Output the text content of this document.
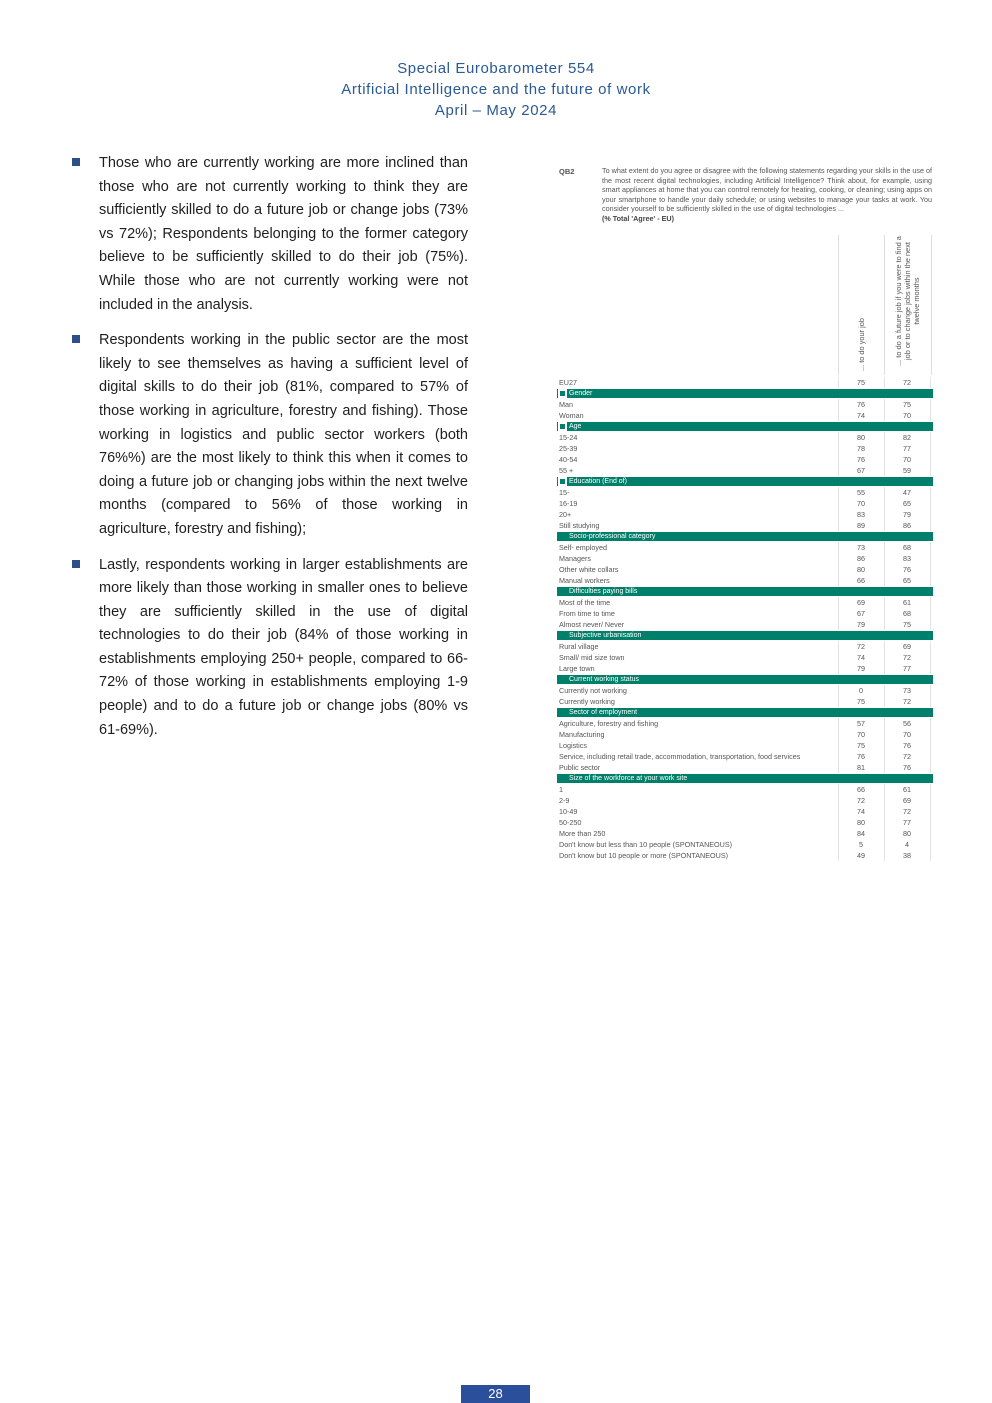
Special Eurobarometer 554
Artificial Intelligence and the future of work
April – May 2024
Those who are currently working are more inclined than those who are not currently working to think they are sufficiently skilled to do a future job or change jobs (73% vs 72%); Respondents belonging to the former category believe to be sufficiently skilled to do their job (75%). While those who are not currently working were not included in the analysis.
Respondents working in the public sector are the most likely to see themselves as having a sufficient level of digital skills to do their job (81%, compared to 57% of those working in agriculture, forestry and fishing). Those working in logistics and public sector workers (both 76%%) are the most likely to think this when it comes to doing a future job or changing jobs within the next twelve months (compared to 56% of those working in agriculture, forestry and fishing);
Lastly, respondents working in larger establishments are more likely than those working in smaller ones to believe they are sufficiently skilled in the use of digital technologies to do their job (84% of those working in establishments employing 250+ people, compared to 66-72% of those working in establishments employing 1-9 people) and to do a future job or change jobs (80% vs 61-69%).
QB2	To what extent do you agree or disagree with the following statements regarding your skills in the use of the most recent digital technologies, including Artificial Intelligence? Think about, for example, using smart appliances at home that you can control remotely for heating, cooking, or cleaning; using apps on your smartphone to handle your daily schedule; or using websites to manage your tasks at work. You consider yourself to be sufficiently skilled in the use of digital technologies ...
(% Total 'Agree' - EU)
... to do your job	... to do a future job if you were to find a job or to change jobs within the next twelve months
EU27	75	72
Gender
Man	76	75
Woman	74	70
Age
15-24	80	82
25-39	78	77
40-54	76	70
55 +	67	59
Education (End of)
15-	55	47
16-19	70	65
20+	83	79
Still studying	89	86
Socio-professional category
Self- employed	73	68
Managers	86	83
Other white collars	80	76
Manual workers	66	65
Difficulties paying bills
Most of the time	69	61
From time to time	67	68
Almost never/ Never	79	75
Subjective urbanisation
Rural village	72	69
Small/ mid size town	74	72
Large town	79	77
Current working status
Currently not working	0	73
Currently working	75	72
Sector of employment
Agriculture, forestry and fishing	57	56
Manufacturing	70	70
Logistics	75	76
Service, including retail trade, accommodation, transportation, food services	76	72
Public sector	81	76
Size of the workforce at your work site
1	66	61
2-9	72	69
10-49	74	72
50-250	80	77
More than 250	84	80
Don't know but less than 10 people (SPONTANEOUS)	5	4
Don't know but 10 people or more (SPONTANEOUS)	49	38
28
